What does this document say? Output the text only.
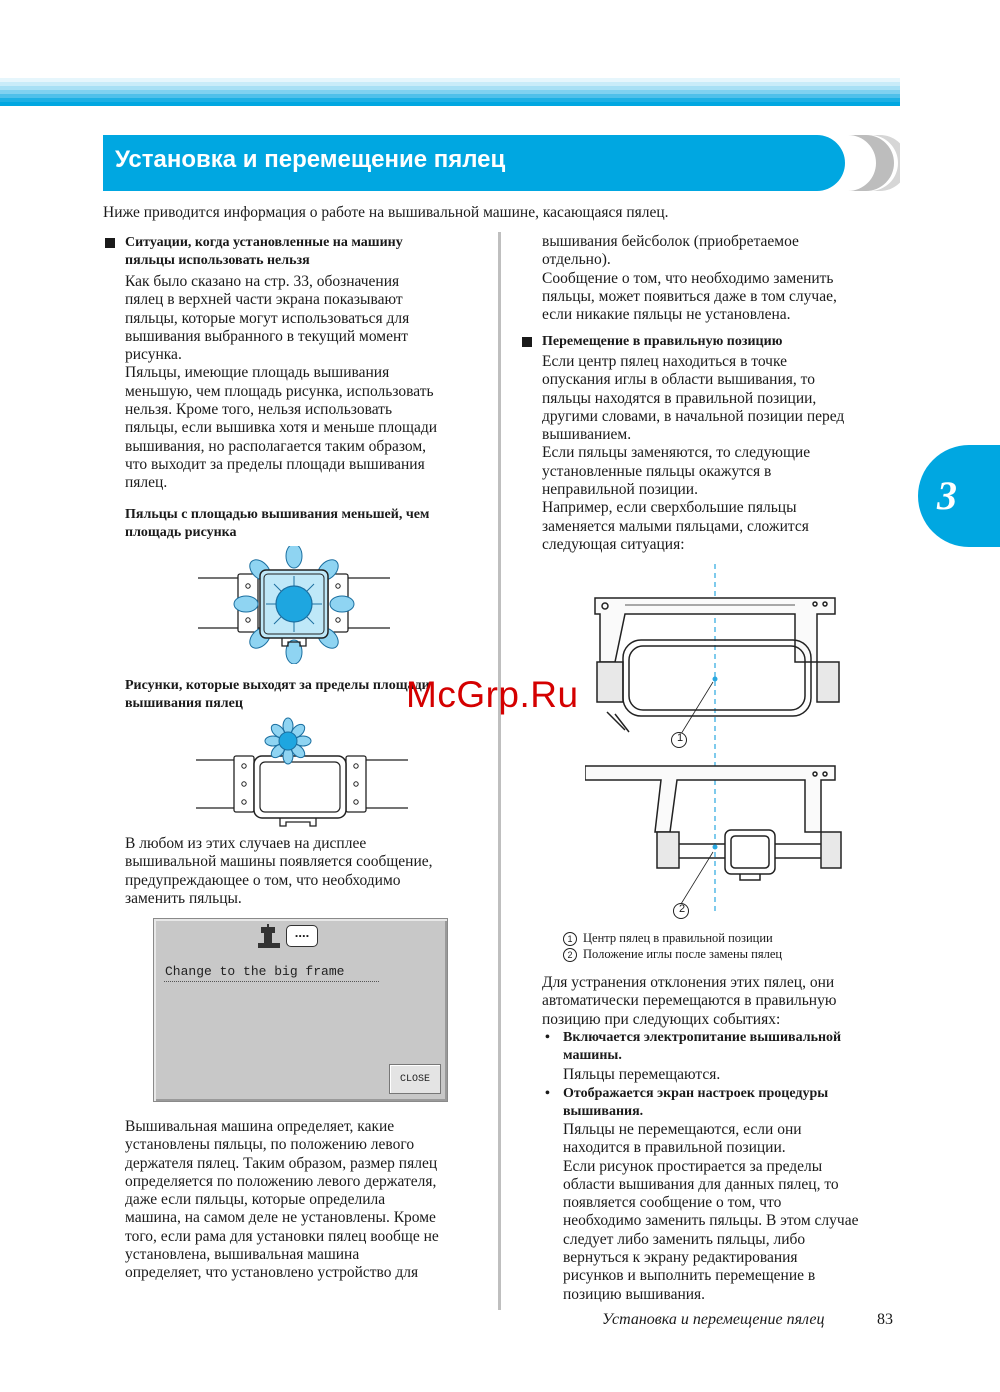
Установка и перемещение пялец
Ниже приводится информация о работе на вышивальной машине, касающаяся пялец.
Ситуации, когда установленные на машину
пяльцы использовать нельзя
Как было сказано на стр. 33, обозначения
пялец в верхней части экрана показывают
пяльцы, которые могут использоваться для
вышивания выбранного в текущий момент
рисунка.
Пяльцы, имеющие площадь вышивания
меньшую, чем площадь рисунка, использовать
нельзя. Кроме того, нельзя использовать
пяльцы, если вышивка хотя и меньше площади
вышивания, но располагается таким образом,
что выходит за пределы площади вышивания
пялец.
Пяльцы с площадью вышивания меньшей, чем
площадь рисунка
Рисунки, которые выходят за пределы площади
вышивания пялец
В любом из этих случаев на дисплее
вышивальной машины появляется сообщение,
предупреждающее о том, что необходимо
заменить пяльцы.
....
Change to the big frame
CLOSE
Вышивальная машина определяет, какие
установлены пяльцы, по положению левого
держателя пялец. Таким образом, размер пялец
определяется по положению левого держателя,
даже если пяльцы, которые определила
машина, на самом деле не установлены. Кроме
того, если рама для установки пялец вообще не
установлена, вышивальная машина
определяет, что установлено устройство для
вышивания бейсболок (приобретаемое
отдельно).
Сообщение о том, что необходимо заменить
пяльцы, может появиться даже в том случае,
если никакие пяльцы не установлена.
Перемещение в правильную позицию
Если центр пялец находиться в точке
опускания иглы в области вышивания, то
пяльцы находятся в правильной позиции,
другими словами, в начальной позиции перед
вышиванием.
Если пяльцы заменяются, то следующие
установленные пяльцы окажутся в
неправильной позиции.
Например, если сверхбольшие пяльцы
заменяется малыми пяльцами, сложится
следующая ситуация:
1
2
1 Центр пялец в правильной позиции
2 Положение иглы после замены пялец
Для устранения отклонения этих пялец, они
автоматически перемещаются в правильную
позицию при следующих событиях:
• Включается электропитание вышивальной
машины.
Пяльцы перемещаются.
• Отображается экран настроек процедуры
вышивания.
Пяльцы не перемещаются, если они
находится в правильной позиции.
Если рисунок простирается за пределы
области вышивания для данных пялец, то
появляется сообщение о том, что
необходимо заменить пяльцы. В этом случае
следует либо заменить пяльцы, либо
вернуться к экрану редактирования
рисунков и выполнить перемещение в
позицию вышивания.
3
McGrp.Ru
Установка и перемещение пялец	83
